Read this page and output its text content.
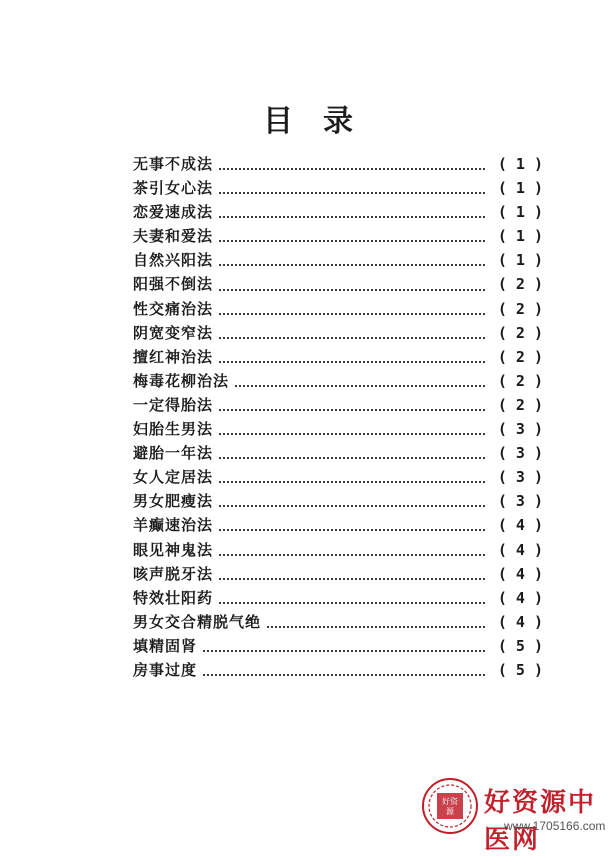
目录
无事不成法	( 1 )
茶引女心法	( 1 )
恋爱速成法	( 1 )
夫妻和爱法	( 1 )
自然兴阳法	( 1 )
阳强不倒法	( 2 )
性交痛治法	( 2 )
阴宽变窄法	( 2 )
擅红神治法	( 2 )
梅毒花柳治法	( 2 )
一定得胎法	( 2 )
妇胎生男法	( 3 )
避胎一年法	( 3 )
女人定居法	( 3 )
男女肥瘦法	( 3 )
羊癫速治法	( 4 )
眼见神鬼法	( 4 )
咳声脱牙法	( 4 )
特效壮阳药	( 4 )
男女交合精脱气绝	( 4 )
填精固肾	( 5 )
房事过度	( 5 )
好资
源 好资源中医网
www.1705166.com
